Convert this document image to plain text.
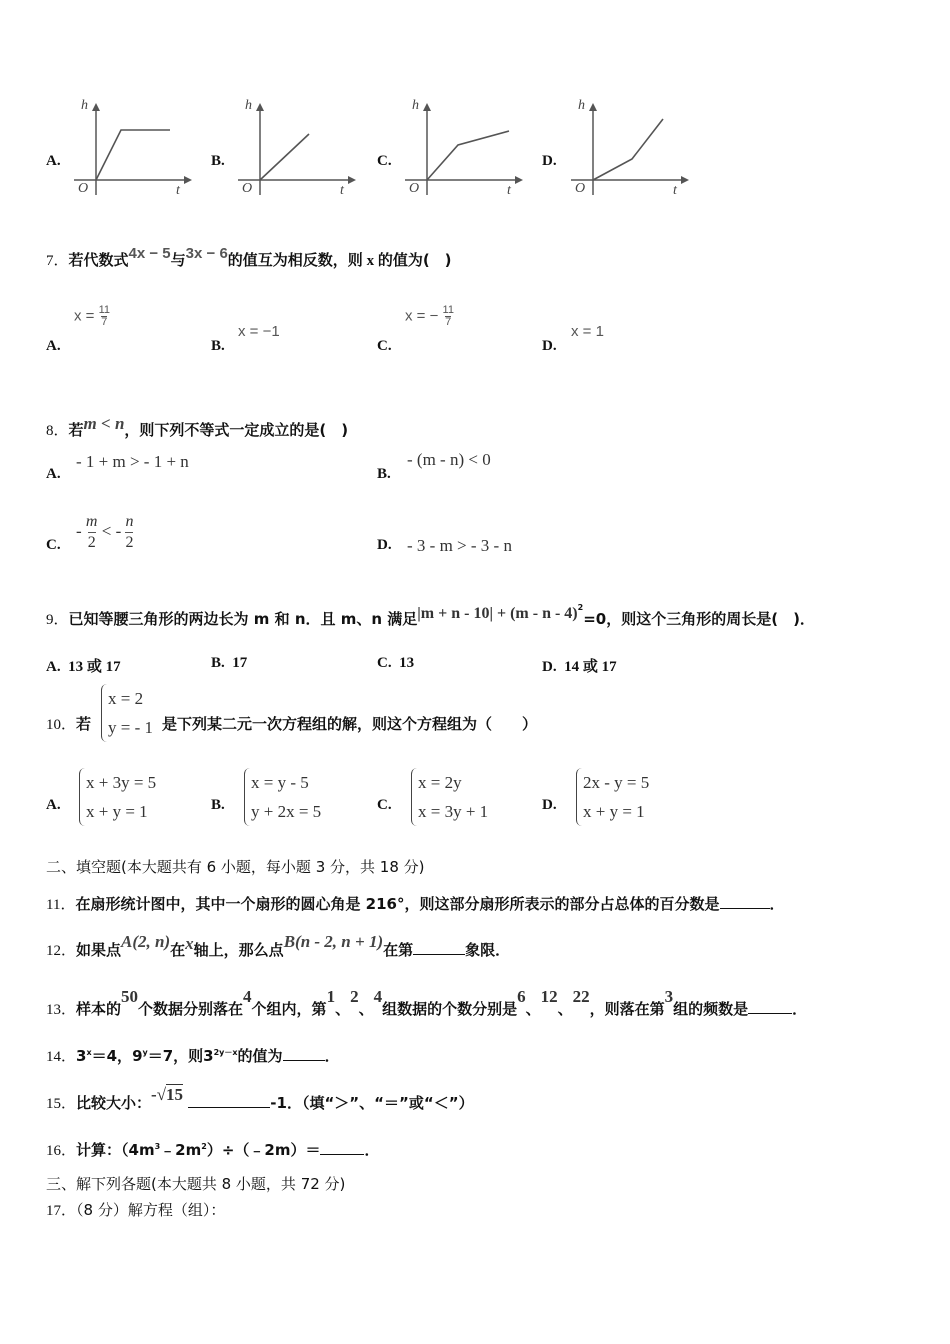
A.
h
t
O
B.
h
t
O
C.
h
t
O
D.
h
t
O
7．若代数式4x − 5与3x − 6的值互为相反数，则 x 的值为(　)
A.
$x = \frac{11}{7}$
B.
x = −1
C.
x = − $\frac{11}{7}$
D.
x = 1
8．若m < n，则下列不等式一定成立的是(　)
A.
- 1 + m > - 1 + n
B.
- (m - n) < 0
C.
- $\frac{m}{2}$ < - $\frac{n}{2}$	D. - 3 - m > - 3 - n
9．已知等腰三角形的两边长为 m 和 n．且 m、n 满足|m + n - 10| + (m - n - 4)$^2$=0，则这个三角形的周长是(　)．
A. 13 或 17	B. 17	C. 13	D. 14 或 17
10．若
x = 2
y = - 1 是下列某二元一次方程组的解，则这个方程组为（　　）
A.
x + 3y = 5
x + y = 1	B.
x = y - 5
y + 2x = 5	C.
x = 2y
x = 3y + 1	D.
2x - y = 5
x + y = 1
二、填空题(本大题共有 6 小题，每小题 3 分，共 18 分)
11．在扇形统计图中，其中一个扇形的圆心角是 216°，则这部分扇形所表示的部分占总体的百分数是	．
12．如果点A(2, n)在x轴上，那么点B(n - 2, n + 1)在第	象限．
13．样本的50个数据分别落在4个组内，第1、2、4组数据的个数分别是6、12、22，则落在第3组的频数是	．
14．$3^x=4$，$9^y=7$，则$3^{2y-x}$的值为	．
15．比较大小：-√15	-1．（填“＞”、“＝”或“＜”）
16．计算：$(4m^3﹣2m^2)\div(﹣2m)=$	．
三、解下列各题(本大题共 8 小题，共 72 分)
17．（8 分）解方程（组）：
